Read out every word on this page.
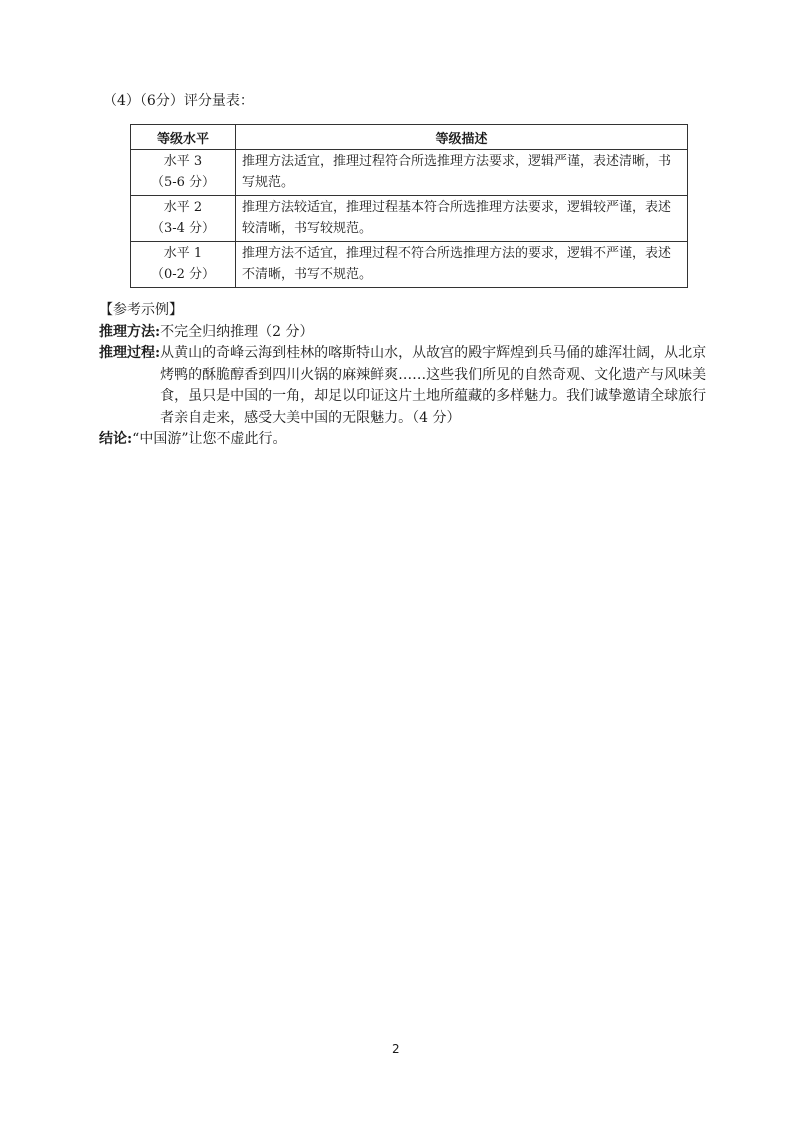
（4）（6分）评分量表：
等级水平	等级描述

水平 3
（5-6 分）	推理方法适宜，推理过程符合所选推理方法要求，逻辑严谨，表述清晰，书写规范。

水平 2
（3-4 分）	推理方法较适宜，推理过程基本符合所选推理方法要求，逻辑较严谨，表述较清晰，书写较规范。

水平 1
（0-2 分）	推理方法不适宜，推理过程不符合所选推理方法的要求，逻辑不严谨，表述不清晰，书写不规范。
【参考示例】
推理方法: 不完全归纳推理（2 分）
推理过程: 从黄山的奇峰云海到桂林的喀斯特山水，从故宫的殿宇辉煌到兵马俑的雄浑壮阔，从北京烤鸭的酥脆醇香到四川火锅的麻辣鲜爽……这些我们所见的自然奇观、文化遗产与风味美食，虽只是中国的一角，却足以印证这片土地所蕴藏的多样魅力。我们诚挚邀请全球旅行者亲自走来，感受大美中国的无限魅力。（4 分）
结论: “中国游”让您不虚此行。
2
